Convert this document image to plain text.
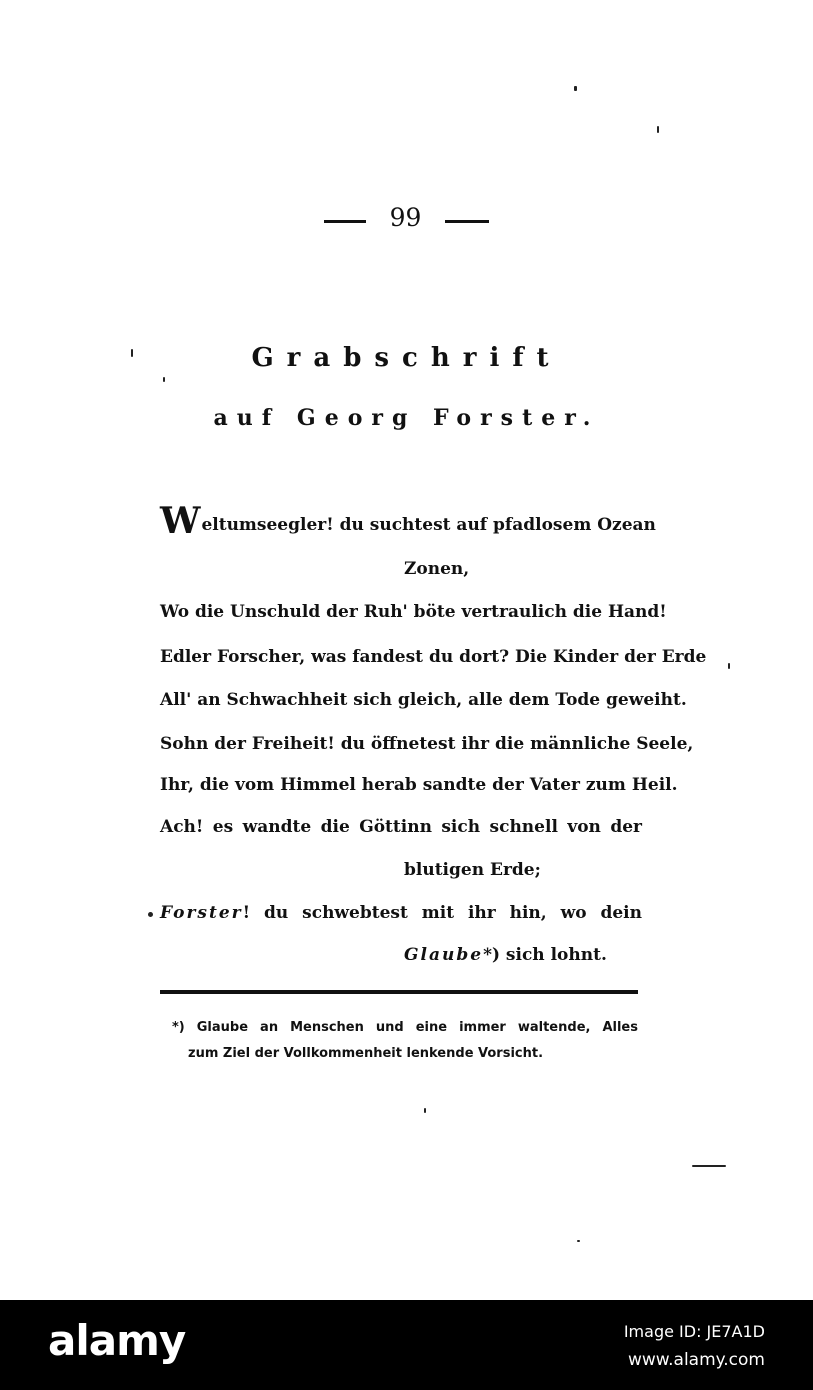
99
Grabschrift
auf Georg Forster.
Weltumseegler! du suchtest auf pfadlosem Ozean
Zonen,
Wo die Unschuld der Ruh' böte vertraulich die Hand!
Edler Forscher, was fandest du dort? Die Kinder der Erde
All' an Schwachheit sich gleich, alle dem Tode geweiht.
Sohn der Freiheit! du öffnetest ihr die männliche Seele,
Ihr, die vom Himmel herab sandte der Vater zum Heil.
Ach! es wandte die Göttinn sich schnell von der
blutigen Erde;
Forster! du schwebtest mit ihr hin, wo dein
Glaube*) sich lohnt.
*) Glaube an Menschen und eine immer waltende, Alles
zum Ziel der Vollkommenheit lenkende Vorsicht.
alamy	Image ID: JE7A1D
www.alamy.com
